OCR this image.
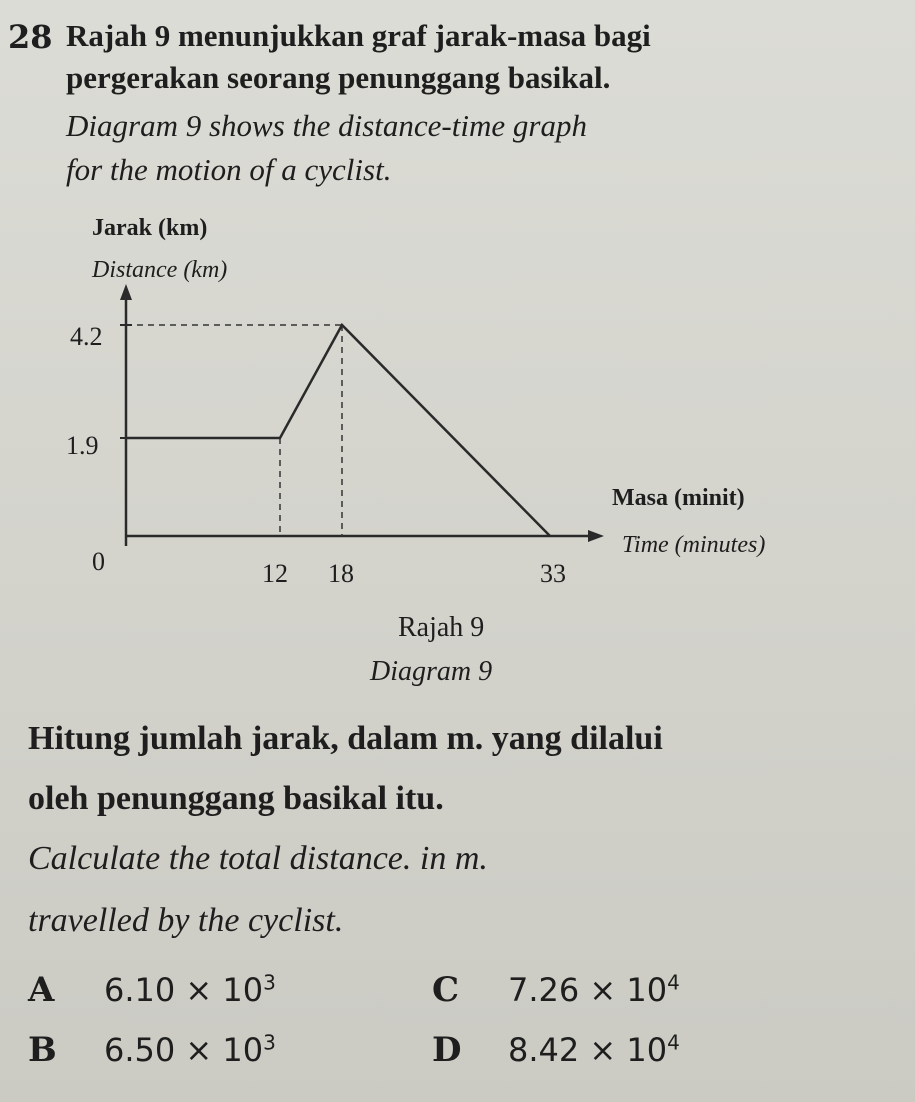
28 Rajah 9 menunjukkan graf jarak-masa bagi
pergerakan seorang penunggang basikal.
Diagram 9 shows the distance-time graph
for the motion of a cyclist.
Jarak (km)
Distance (km)
Masa (minit)
Time (minutes)
4.2
1.9
0	12 18	33
Rajah 9
Diagram 9
Hitung jumlah jarak, dalam m. yang dilalui
oleh penunggang basikal itu.
Calculate the total distance. in m.
travelled by the cyclist.
A $6.10 \times 10^3$	C $7.26 \times 10^4$
B $6.50 \times 10^3$	D $8.42 \times 10^4$
